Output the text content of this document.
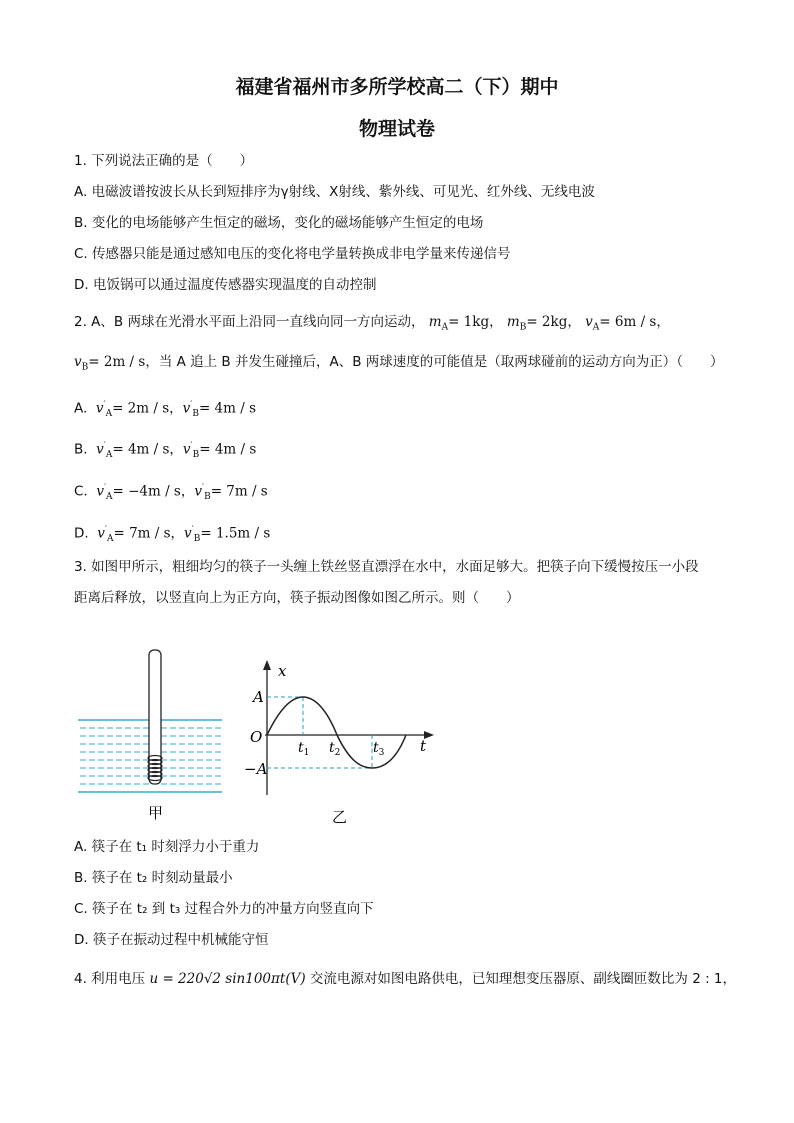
福建省福州市多所学校高二（下）期中
物理试卷
1. 下列说法正确的是（　　）
A. 电磁波谱按波长从长到短排序为γ射线、X射线、紫外线、可见光、红外线、无线电波
B. 变化的电场能够产生恒定的磁场，变化的磁场能够产生恒定的电场
C. 传感器只能是通过感知电压的变化将电学量转换成非电学量来传递信号
D. 电饭锅可以通过温度传感器实现温度的自动控制
2. A、B 两球在光滑水平面上沿同一直线向同一方向运动， $m_A= 1kg$， $m_B= 2kg$， $v_A= 6m / s$，
$v_B= 2m / s$，当 A 追上 B 并发生碰撞后，A、B 两球速度的可能值是（取两球碰前的运动方向为正）（　　）
A. $v'_A= 2m / s$，$v'_B= 4m / s$
B. $v'_A= 4m / s$，$v'_B= 4m / s$
C. $v'_A= -4m / s$，$v'_B= 7m / s$
D. $v'_A= 7m / s$，$v'_B= 1.5m / s$
3. 如图甲所示，粗细均匀的筷子一头缠上铁丝竖直漂浮在水中，水面足够大。把筷子向下缓慢按压一小段
距离后释放，以竖直向上为正方向，筷子振动图像如图乙所示。则（　　）
甲
x
t
A
−A
O
$t_1$ $t_2$ $t_3$
乙
A. 筷子在 t₁ 时刻浮力小于重力
B. 筷子在 t₂ 时刻动量最小
C. 筷子在 t₂ 到 t₃ 过程合外力的冲量方向竖直向下
D. 筷子在振动过程中机械能守恒
4. 利用电压 u = 220√2 sin100πt(V) 交流电源对如图电路供电，已知理想变压器原、副线圈匝数比为 2 : 1，
